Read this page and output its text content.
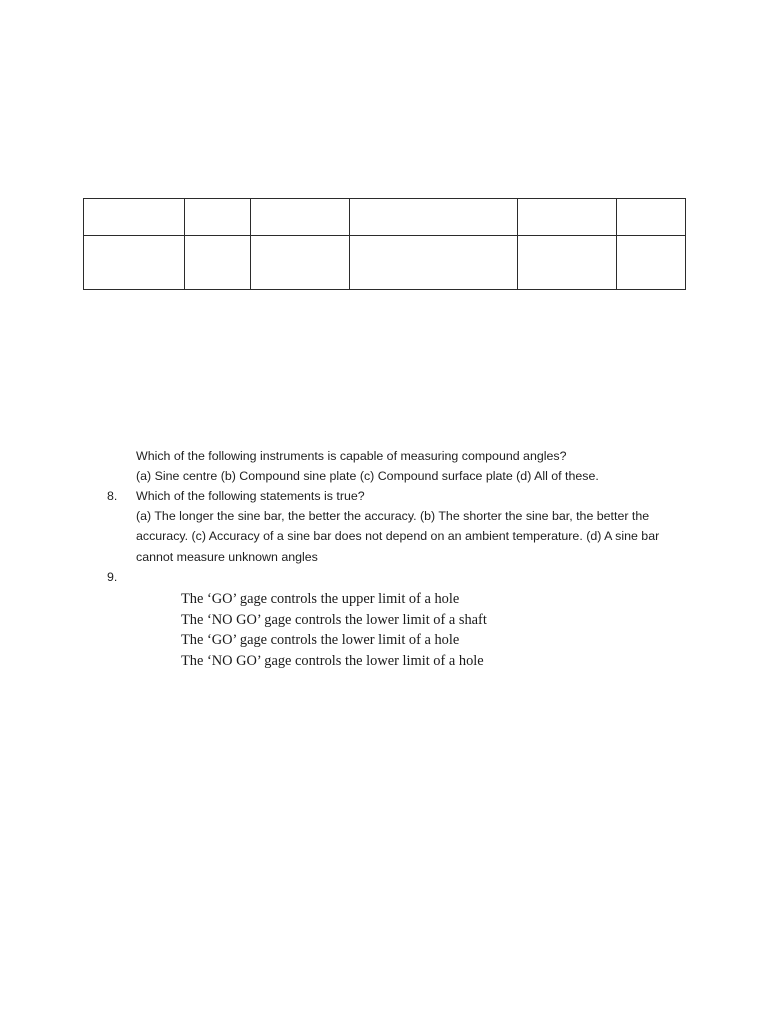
Which of the following instruments is capable of measuring compound angles?
(a) Sine centre (b) Compound sine plate (c) Compound surface plate (d) All of these.
8.	Which of the following statements is true?
(a) The longer the sine bar, the better the accuracy. (b) The shorter the sine bar, the better the
accuracy. (c) Accuracy of a sine bar does not depend on an ambient temperature. (d) A sine bar
cannot measure unknown angles
9.
The ‘GO’ gage controls the upper limit of a hole
The ‘NO GO’ gage controls the lower limit of a shaft
The ‘GO’ gage controls the lower limit of a hole
The ‘NO GO’ gage controls the lower limit of a hole
